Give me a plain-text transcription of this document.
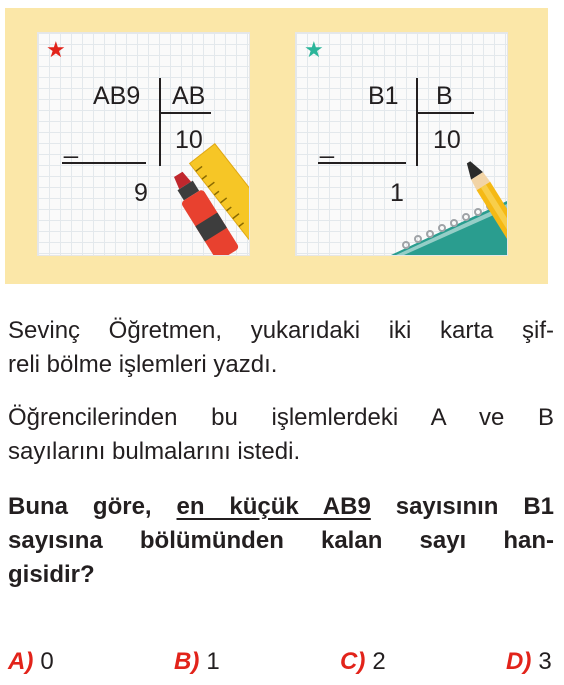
★
AB9 AB
10
_
9
★
B1 B
10
_
1
Sevinç Öğretmen, yukarıdaki iki karta şif-
reli bölme işlemleri yazdı.
Öğrencilerinden bu işlemlerdeki A ve B
sayılarını bulmalarını istedi.
Buna göre, en küçük AB9 sayısının B1
sayısına bölümünden kalan sayı han-
gisidir?
A) 0	B) 1	C) 2	D) 3
